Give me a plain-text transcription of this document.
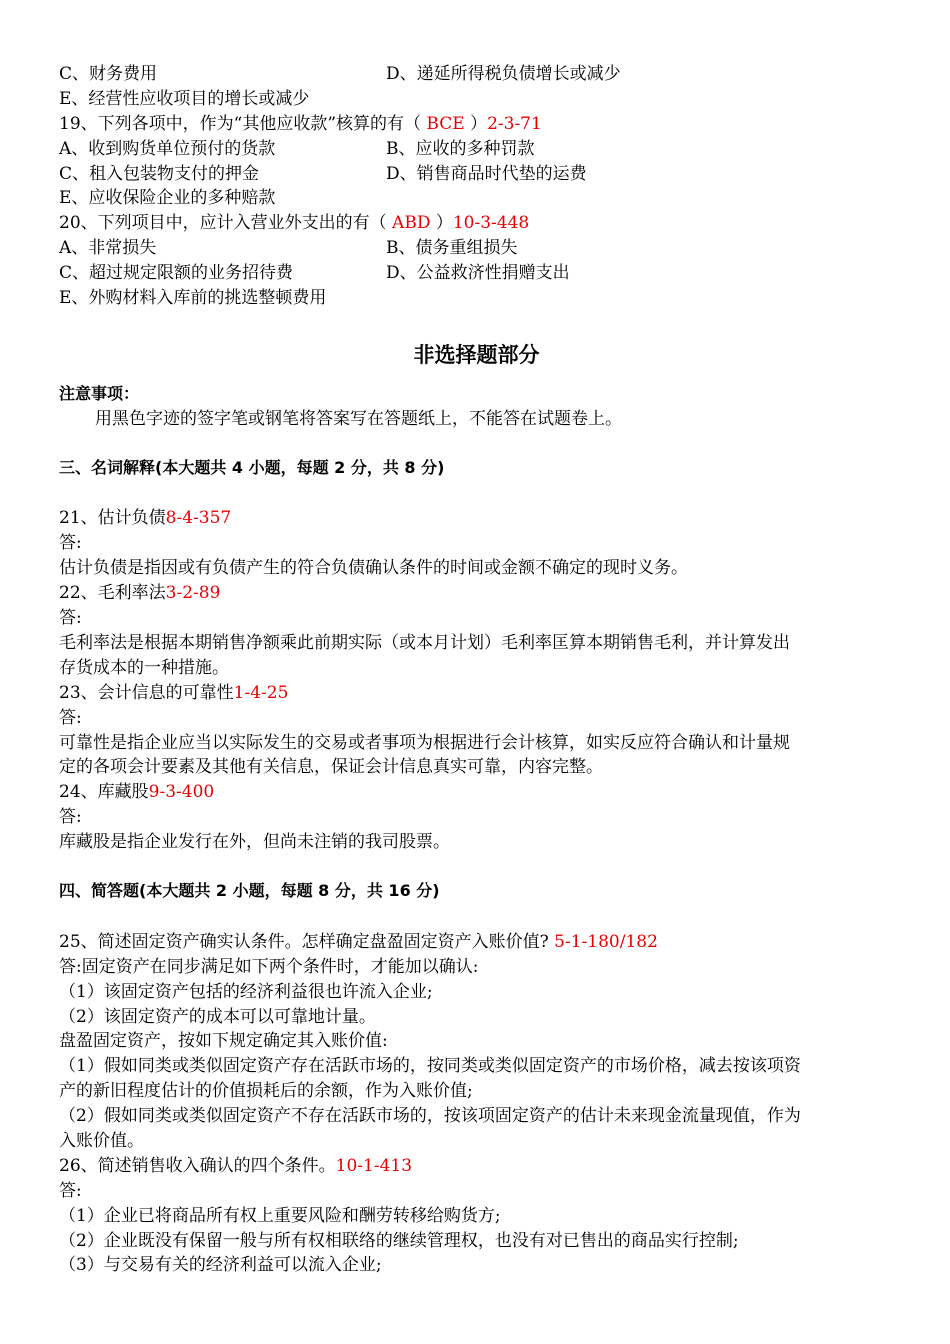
C、财务费用	D、递延所得税负债增长或减少
E、经营性应收项目的增长或减少
19、下列各项中，作为“其他应收款”核算的有（ BCE ）2-3-71
A、收到购货单位预付的货款	B、应收的多种罚款
C、租入包装物支付的押金	D、销售商品时代垫的运费
E、应收保险企业的多种赔款
20、下列项目中，应计入营业外支出的有（ ABD ）10-3-448
A、非常损失	B、债务重组损失
C、超过规定限额的业务招待费	D、公益救济性捐赠支出
E、外购材料入库前的挑选整顿费用
非选择题部分
注意事项：
用黑色字迹的签字笔或钢笔将答案写在答题纸上，不能答在试题卷上。
三、名词解释(本大题共 4 小题，每题 2 分，共 8 分)
21、估计负债8-4-357
答:
估计负债是指因或有负债产生的符合负债确认条件的时间或金额不确定的现时义务。
22、毛利率法3-2-89
答:
毛利率法是根据本期销售净额乘此前期实际（或本月计划）毛利率匡算本期销售毛利，并计算发出
存货成本的一种措施。
23、会计信息的可靠性1-4-25
答:
可靠性是指企业应当以实际发生的交易或者事项为根据进行会计核算，如实反应符合确认和计量规
定的各项会计要素及其他有关信息，保证会计信息真实可靠，内容完整。
24、库藏股9-3-400
答:
库藏股是指企业发行在外，但尚未注销的我司股票。
四、简答题(本大题共 2 小题，每题 8 分，共 16 分)
25、简述固定资产确实认条件。怎样确定盘盈固定资产入账价值? 5-1-180/182
答:固定资产在同步满足如下两个条件时，才能加以确认:
（1）该固定资产包括的经济利益很也许流入企业;
（2）该固定资产的成本可以可靠地计量。
盘盈固定资产，按如下规定确定其入账价值:
（1）假如同类或类似固定资产存在活跃市场的，按同类或类似固定资产的市场价格，减去按该项资
产的新旧程度估计的价值损耗后的余额，作为入账价值;
（2）假如同类或类似固定资产不存在活跃市场的，按该项固定资产的估计未来现金流量现值，作为
入账价值。
26、简述销售收入确认的四个条件。10-1-413
答:
（1）企业已将商品所有权上重要风险和酬劳转移给购货方;
（2）企业既没有保留一般与所有权相联络的继续管理权，也没有对已售出的商品实行控制;
（3）与交易有关的经济利益可以流入企业;
